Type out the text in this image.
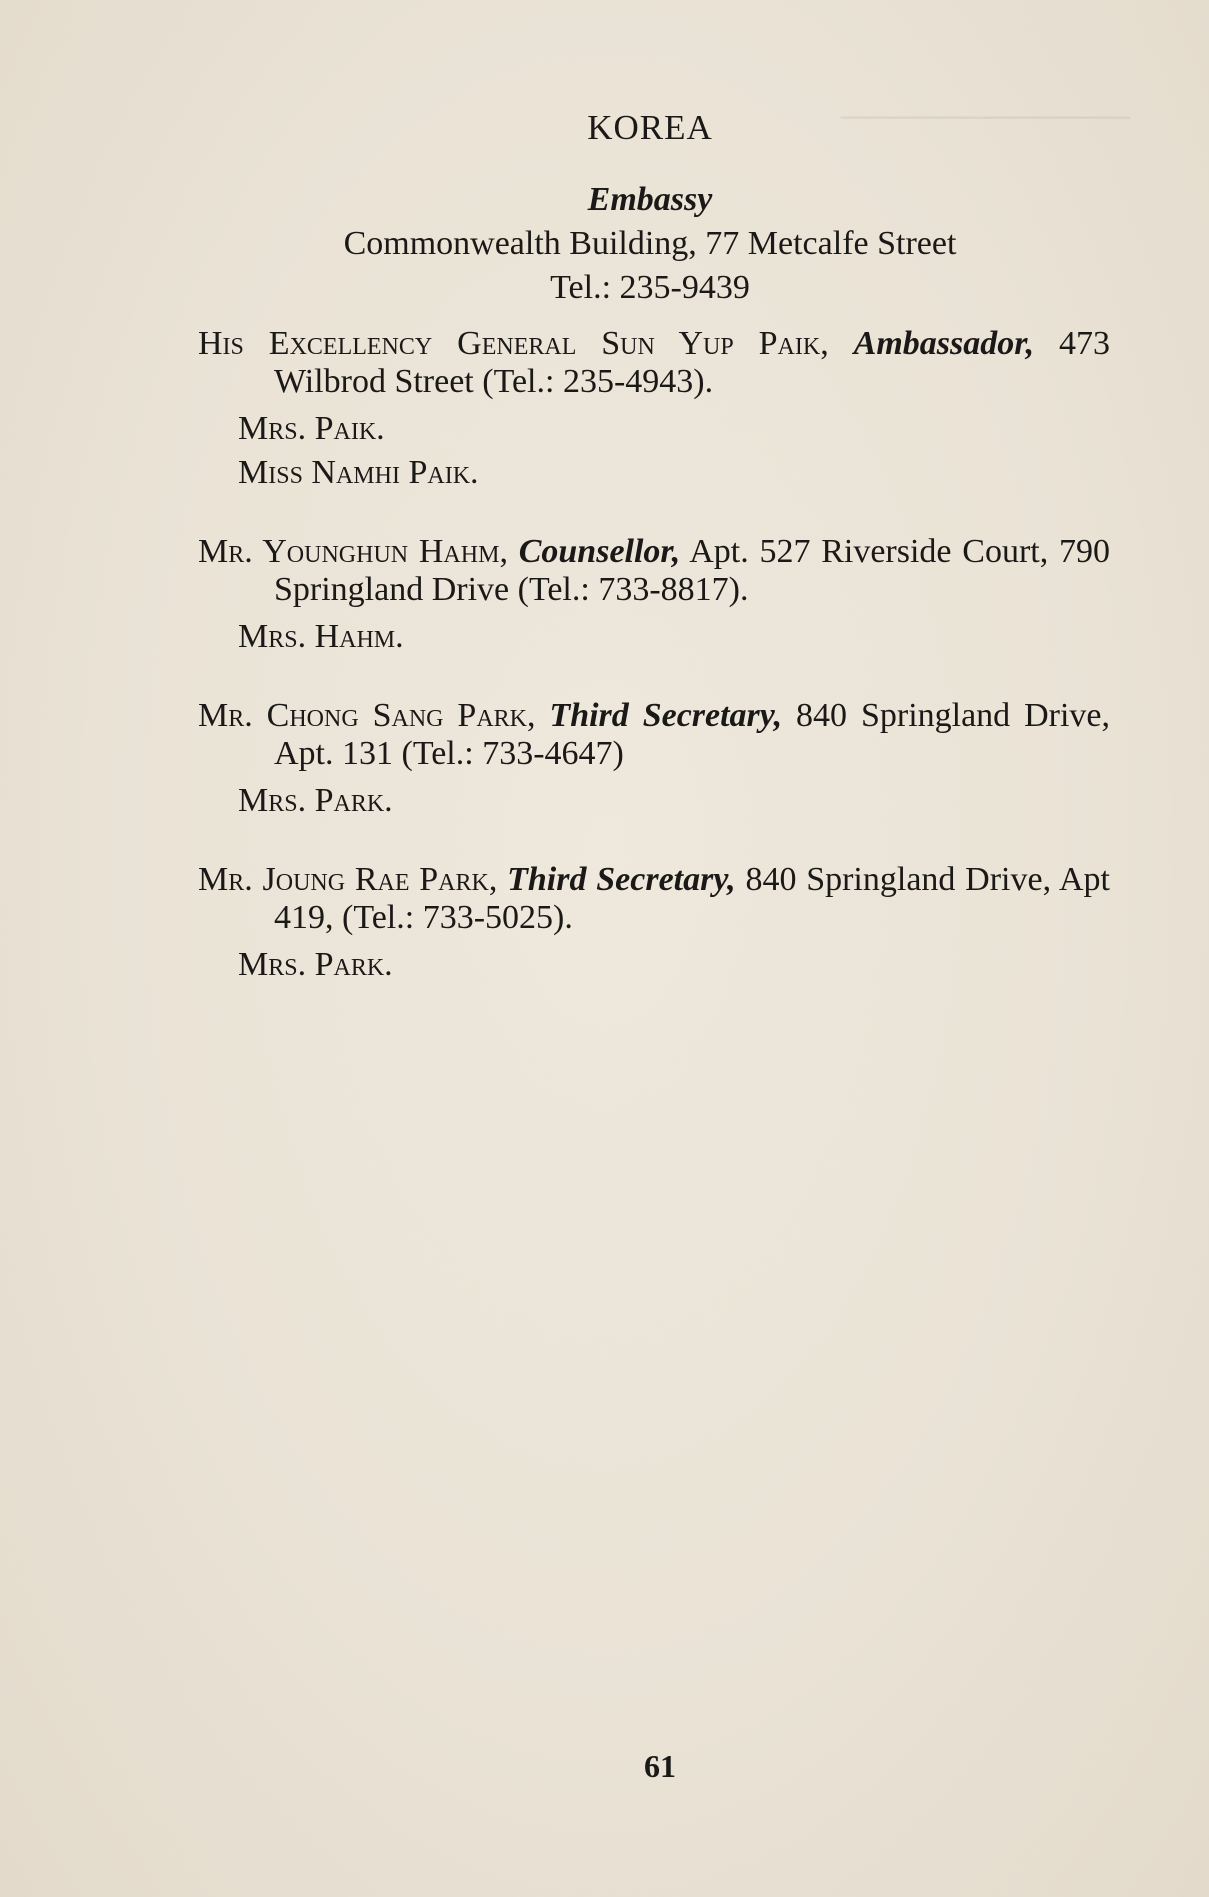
────────────
KOREA
Embassy
Commonwealth Building, 77 Metcalfe Street
Tel.: 235-9439
His Excellency General Sun Yup Paik, Ambassador, 473 Wilbrod Street (Tel.: 235-4943).
Mrs. Paik.
Miss Namhi Paik.
Mr. Younghun Hahm, Counsellor, Apt. 527 Riverside Court, 790 Springland Drive (Tel.: 733-8817).
Mrs. Hahm.
Mr. Chong Sang Park, Third Secretary, 840 Springland Drive, Apt. 131 (Tel.: 733-4647)
Mrs. Park.
Mr. Joung Rae Park, Third Secretary, 840 Springland Drive, Apt 419, (Tel.: 733-5025).
Mrs. Park.
61
